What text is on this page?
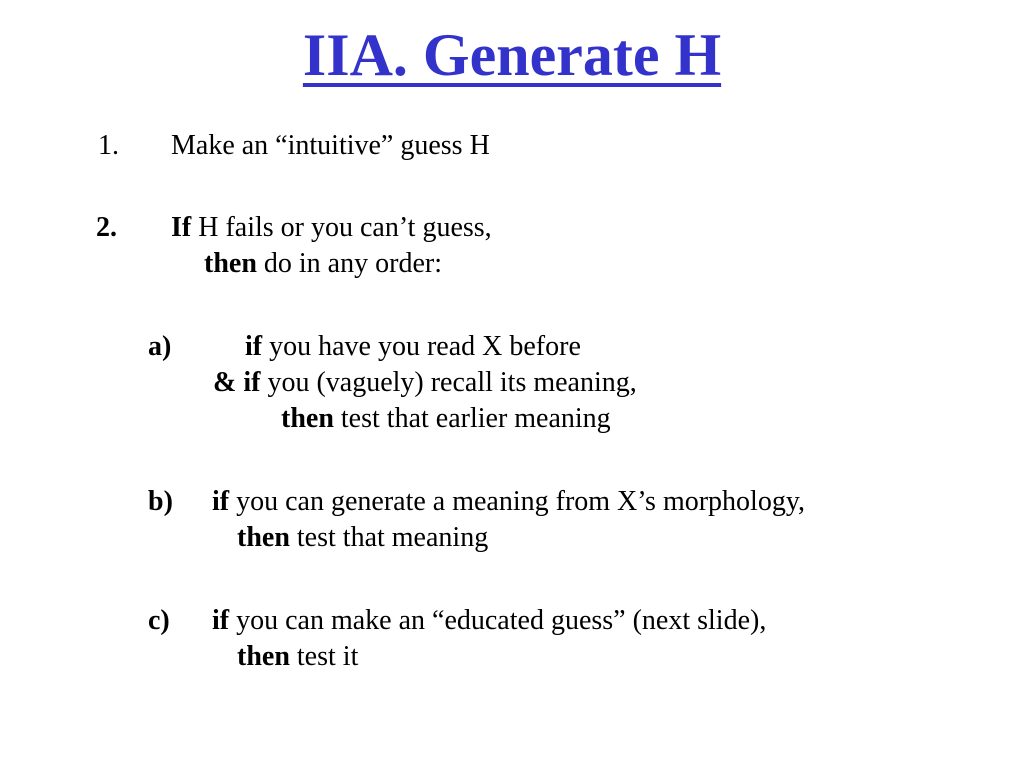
IIA. Generate H
1. Make an “intuitive” guess H
2. If H fails or you can’t guess,
then do in any order:
a)	if you have you read X before
& if you (vaguely) recall its meaning,
then test that earlier meaning
b) if you can generate a meaning from X’s morphology,
then test that meaning
c) if you can make an “educated guess” (next slide),
then test it
